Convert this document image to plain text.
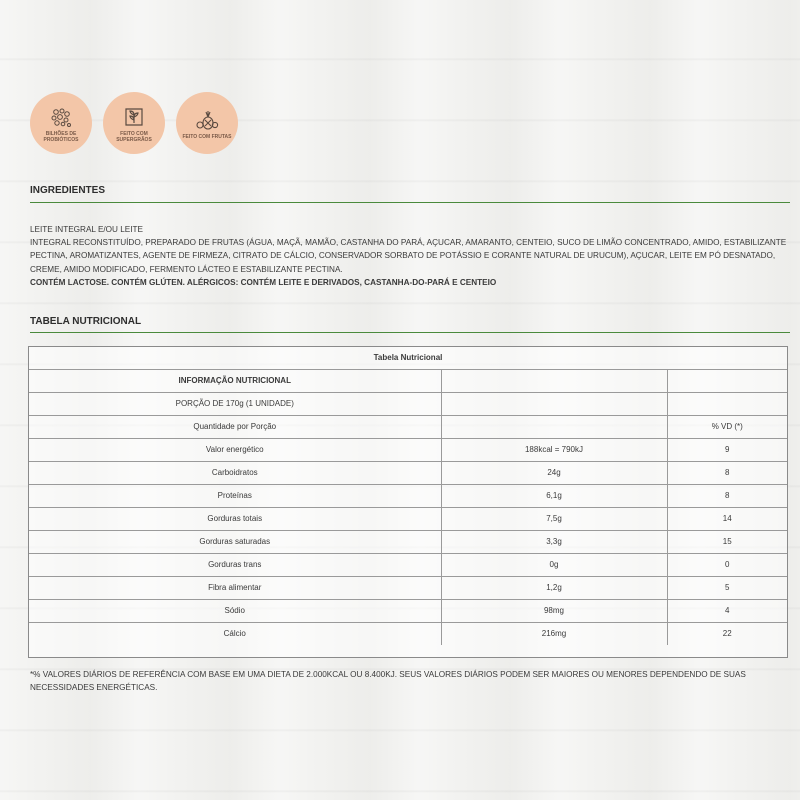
BILHÕES DE PROBIÓTICOS
FEITO COM SUPERGRÃOS	FEITO COM FRUTAS
INGREDIENTES

LEITE INTEGRAL E/OU LEITE

INTEGRAL RECONSTITUÍDO, PREPARADO DE FRUTAS (ÁGUA, MAÇÃ, MAMÃO, CASTANHA DO PARÁ, AÇUCAR, AMARANTO, CENTEIO, SUCO DE LIMÃO CONCENTRADO, AMIDO, ESTABILIZANTE PECTINA, AROMATIZANTES, AGENTE DE FIRMEZA, CITRATO DE CÁLCIO, CONSERVADOR SORBATO DE POTÁSSIO E CORANTE NATURAL DE URUCUM), AÇUCAR, LEITE EM PÓ DESNATADO, CREME, AMIDO MODIFICADO, FERMENTO LÁCTEO E ESTABILIZANTE PECTINA.

CONTÉM LACTOSE. CONTÉM GLÚTEN. ALÉRGICOS: CONTÉM LEITE E DERIVADOS, CASTANHA-DO-PARÁ E CENTEIO

TABELA NUTRICIONAL
Tabela Nutricional		
INFORMAÇÃO NUTRICIONAL		
PORÇÃO DE 170g (1 UNIDADE)		
Quantidade por Porção		% VD (*)
Valor energético	188kcal = 790kJ	9
Carboidratos	24g	8
Proteínas	6,1g	8
Gorduras totais	7,5g	14
Gorduras saturadas	3,3g	15
Gorduras trans	0g	0
Fibra alimentar	1,2g	5
Sódio	98mg	4
Cálcio	216mg	22
*% VALORES DIÁRIOS DE REFERÊNCIA COM BASE EM UMA DIETA DE 2.000KCAL OU 8.400KJ. SEUS VALORES DIÁRIOS PODEM SER MAIORES OU MENORES DEPENDENDO DE SUAS NECESSIDADES ENERGÉTICAS.
